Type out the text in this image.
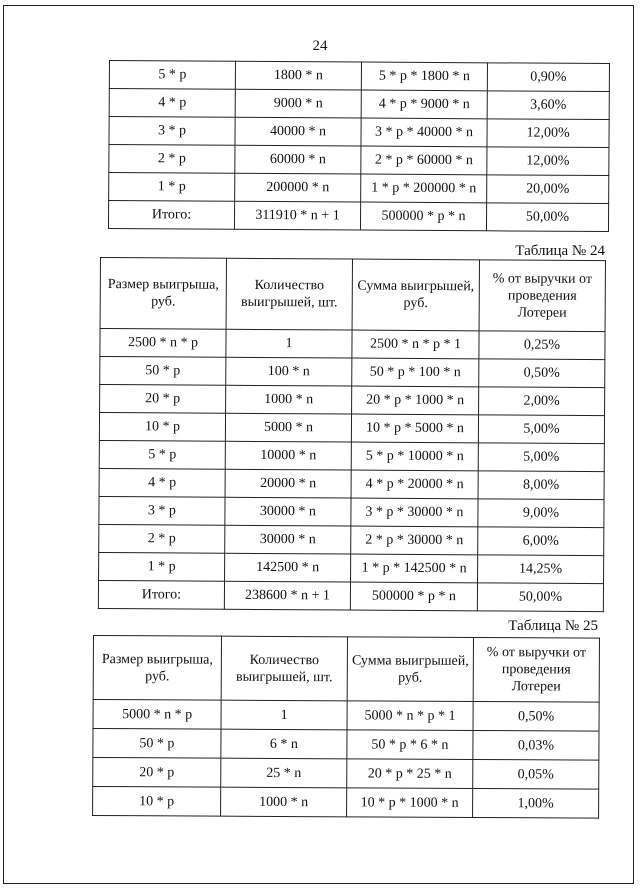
24
5 * p	1800 * n	5 * p * 1800 * n	0,90%
4 * p	9000 * n	4 * p * 9000 * n	3,60%
3 * p	40000 * n	3 * p * 40000 * n	12,00%
2 * p	60000 * n	2 * p * 60000 * n	12,00%
1 * p	200000 * n	1 * p * 200000 * n	20,00%
Итого:	311910 * n + 1	500000 * p * n	50,00%
Таблица № 24
Размер выигрыша, руб.	Количество выигрышей, шт.	Сумма выигрышей, руб.	% от выручки от проведения Лотереи
2500 * n * p	1	2500 * n * p * 1	0,25%
50 * p	100 * n	50 * p * 100 * n	0,50%
20 * p	1000 * n	20 * p * 1000 * n	2,00%
10 * p	5000 * n	10 * p * 5000 * n	5,00%
5 * p	10000 * n	5 * p * 10000 * n	5,00%
4 * p	20000 * n	4 * p * 20000 * n	8,00%
3 * p	30000 * n	3 * p * 30000 * n	9,00%
2 * p	30000 * n	2 * p * 30000 * n	6,00%
1 * p	142500 * n	1 * p * 142500 * n	14,25%
Итого:	238600 * n + 1	500000 * p * n	50,00%
Таблица № 25
Размер выигрыша, руб.	Количество выигрышей, шт.	Сумма выигрышей, руб.	% от выручки от проведения Лотереи
5000 * n * p	1	5000 * n * p * 1	0,50%
50 * p	6 * n	50 * p * 6 * n	0,03%
20 * p	25 * n	20 * p * 25 * n	0,05%
10 * p	1000 * n	10 * p * 1000 * n	1,00%
